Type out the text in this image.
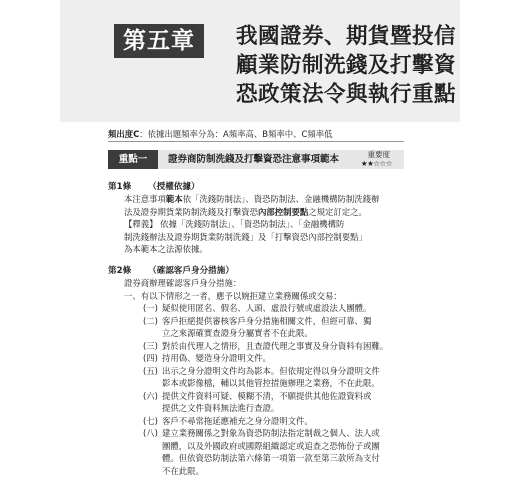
第五章	我國證券、期貨暨投信
顧業防制洗錢及打擊資
恐政策法令與執行重點
頻出度C：依據出題頻率分為：A頻率高、B頻率中、C頻率低
重點一	證券商防制洗錢及打擊資恐注意事項範本	重要度
★★☆☆☆
第1條 （授權依據）
本注意事項範本依「洗錢防制法」、資恐防制法、金融機構防制洗錢辦
法及證券期貨業防制洗錢及打擊資恐內部控制要點之規定訂定之。
【釋義】 依據「洗錢防制法」、「資恐防制法」、「金融機構防
制洗錢辦法及證券期貨業防制洗錢」及「打擊資恐內部控制要點」
為本範本之法源依據。
第2條 （確認客戶身分措施）
證券商辦理確認客戶身分措施：
一、有以下情形之一者，應予以婉拒建立業務關係或交易：
(一) 疑似使用匿名、假名、人頭、虛設行號或虛設法人團體。
(二) 客戶拒絕提供審核客戶身分措施相關文件，但經可靠、獨
立之來源確實查證身分屬實者不在此限。
(三) 對於由代理人之情形，且查證代理之事實及身分資料有困難。
(四) 持用偽、變造身分證明文件。
(五) 出示之身分證明文件均為影本。但依規定得以身分證明文件
影本或影像檔，輔以其他管控措施辦理之業務，不在此限。
(六) 提供文件資料可疑、模糊不清，不願提供其他佐證資料或
提供之文件資料無法進行查證。
(七) 客戶不尋常拖延應補充之身分證明文件。
(八) 建立業務關係之對象為資恐防制法指定制裁之個人、法人或
團體，以及外國政府或國際組織認定或追查之恐怖份子或團
體。但依資恐防制法第六條第一項第一款至第三款所為支付
不在此限。
